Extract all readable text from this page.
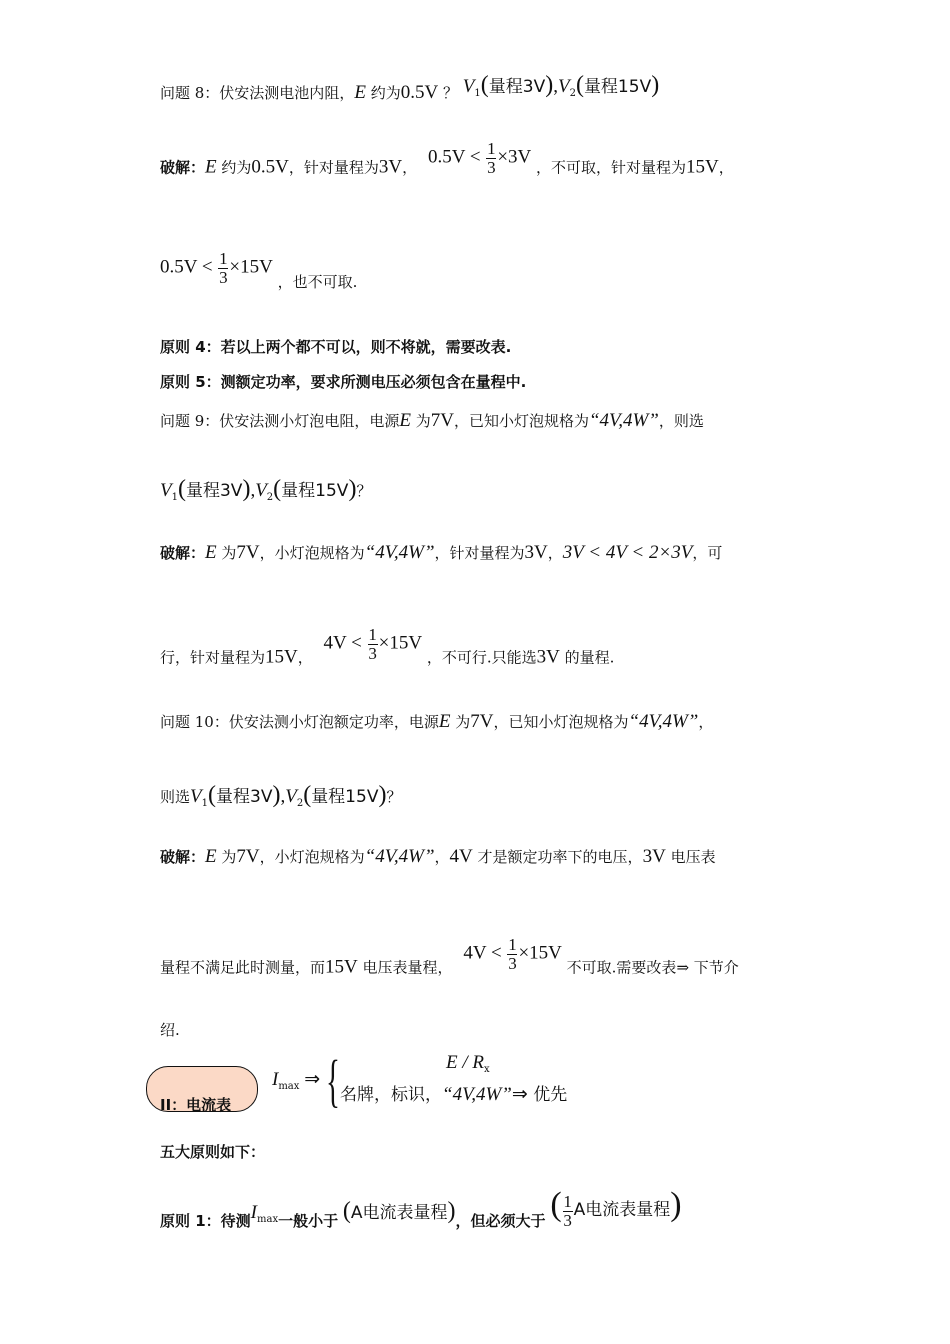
问题 8：伏安法测电池内阻，E 约为0.5V ？ $V_1$(量程$3V),V_2$(量程15V)
破解：E 约为0.5V，针对量程为3V， $0.5V < \frac{1}{3} \times 3V$ ，不可取，针对量程为15V，
$0.5V < \frac{1}{3} \times 15V$ ，也不可取.
原则 4：若以上两个都不可以，则不将就，需要改表.
原则 5：测额定功率，要求所测电压必须包含在量程中.
问题 9：伏安法测小灯泡电阻，电源E 为7V，已知小灯泡规格为“4V,4W”，则选
$V_1$(量程$3V),V_2$(量程15V)？
破解：E 为7V，小灯泡规格为“4V,4W”，针对量程为3V，3V < 4V < 2×3V，可
行，针对量程为15V， $4V < \frac{1}{3} \times 15V$ ，不可行.只能选3V 的量程.
问题 10：伏安法测小灯泡额定功率，电源E 为7V，已知小灯泡规格为“4V,4W”，
则选$V_1$(量程$3V),V_2$(量程15V)？
破解：E 为7V，小灯泡规格为“4V,4W”，4V 才是额定功率下的电压，3V 电压表
量程不满足此时测量，而15V 电压表量程， $4V < \frac{1}{3} \times 15V$ 不可取.需要改表⇒ 下节介
绍.
II：电流表
$I_{max}$ ⇒ {	E / $R_x$
名牌，标识，“4V,4W”⇒ 优先
五大原则如下：
原则 1：待测$I_{max}$一般小于 (A电流表量程)，但必须大于 ( $\frac{1}{3}$ A电流表量程)
